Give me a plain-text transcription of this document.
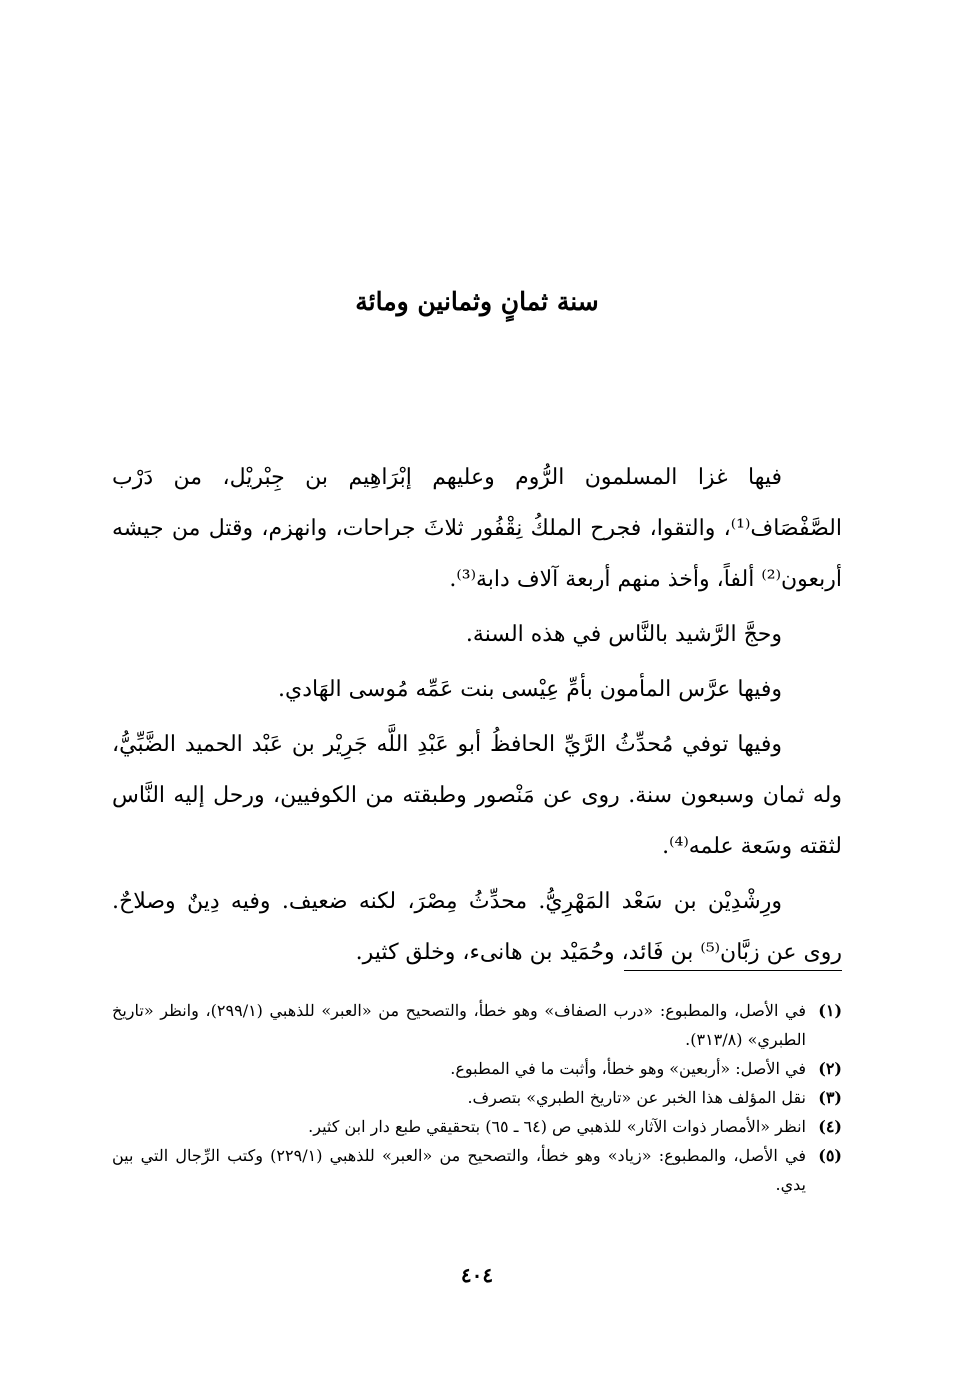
سنة ثمانٍ وثمانين ومائة

فيها غزا المسلمون الرُّوم وعليهم إبْرَاهِيم بن جِبْريْل، من دَرْب الصَّفْصَاف⁽¹⁾، والتقوا، فجرح الملكُ نِقْفُور ثلاثَ جراحات، وانهزم، وقتل من جيشه أربعون⁽²⁾ ألفاً، وأخذ منهم أربعة آلاف دابة⁽³⁾.

وحجَّ الرَّشيد بالنَّاس في هذه السنة.

وفيها عرَّس المأمون بأمِّ عِيْسى بنت عَمِّه مُوسى الهَادي.

وفيها توفي مُحدِّثُ الرَّيِّ الحافظُ أبو عَبْدِ اللَّه جَرِيْر بن عَبْد الحميد الضَّبِّيُّ، وله ثمان وسبعون سنة. روى عن مَنْصور وطبقته من الكوفيين، ورحل إليه النَّاس لثقته وسَعة علمه⁽⁴⁾.

ورِشْدِيْن بن سَعْد المَهْرِيُّ. محدِّثُ مِصْرَ، لكنه ضعيف. وفيه دِينٌ وصلاحٌ. روى عن زبَّان⁽⁵⁾ بن فَائد، وحُمَيْد بن هانىء، وخلق كثير.

(١)في الأصل، والمطبوع: «درب الصفاف» وهو خطأ، والتصحيح من «العبر» للذهبي (٢٩٩/١)، وانظر «تاريخ الطبري» (٣١٣/٨).

(٢)في الأصل: «أربعين» وهو خطأ، وأثبت ما في المطبوع.

(٣)نقل المؤلف هذا الخبر عن «تاريخ الطبري» بتصرف.

(٤)انظر «الأمصار ذوات الآثار» للذهبي ص (٦٤ ـ ٦٥) بتحقيقي طبع دار ابن كثير.

(٥)في الأصل، والمطبوع: «زياد» وهو خطأ، والتصحيح من «العبر» للذهبي (٢٢٩/١) وكتب الرِّجال التي بين يدي.

٤٠٤
